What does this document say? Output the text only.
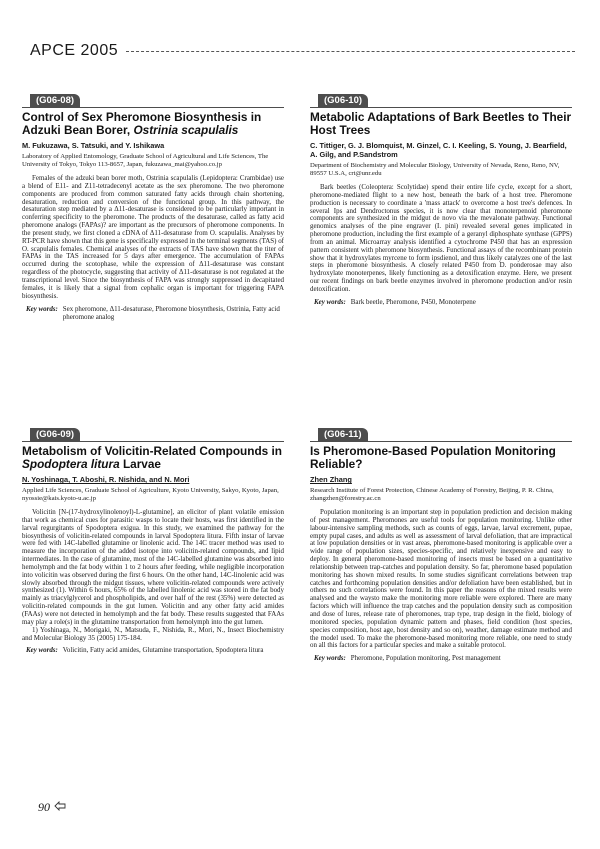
APCE 2005
(G06-08)
Control of Sex Pheromone Biosynthesis in Adzuki Bean Borer, Ostrinia scapulalis
M. Fukuzawa, S. Tatsuki, and Y. Ishikawa
Laboratory of Applied Entomology, Graduate School of Agricultural and Life Sciences, The University of Tokyo, Tokyo 113-8657, Japan, fukuzawa_mai@yahoo.co.jp

Females of the adzuki bean borer moth, Ostrinia scapulalis (Lepidoptera: Crambidae) use a blend of E11- and Z11-tetradecenyl acetate as the sex pheromone. The two pheromone components are produced from common saturated fatty acids through chain shortening, desaturation, reduction and conversion of the functional group. In this pathway, the desaturation step mediated by a Δ11-desaturase is considered to be particularly important in conferring specificity to the pheromone. The products of the desaturase, called as fatty acid pheromone analogs (FAPAs)? are important as the precursors of pheromone components. In the present study, we first cloned a cDNA of Δ11-desaturase from O. scapulalis. Analyses by RT-PCR have shown that this gene is specifically expressed in the terminal segments (TAS) of O. scapulalis females. Chemical analyses of the extracts of TAS have shown that the titer of FAPAs in the TAS increased for 5 days after emergence. The accumulation of FAPAs occurred during the scotophase, while the expression of Δ11-desaturase was constant regardless of the photocycle, suggesting that activity of Δ11-desaturase is not regulated at the transcriptional level. Since the biosynthesis of FAPA was strongly suppressed in decapitated females, it is likely that a signal from cephalic organ is important for triggering FAPA biosynthesis.

Key words: Sex pheromone, Δ11-desaturase, Pheromone biosynthesis, Ostrinia, Fatty acid pheromone analog
(G06-09)
Metabolism of Volicitin-Related Compounds in Spodoptera litura Larvae
N. Yoshinaga, T. Aboshi, R. Nishida, and N. Mori
Applied Life Sciences, Graduate School of Agriculture, Kyoto University, Sakyo, Kyoto, Japan, nyossie@kais.kyoto-u.ac.jp

Volicitin [N-(17-hydroxylinolenoyl)-L-glutamine], an elicitor of plant volatile emission that work as chemical cues for parasitic wasps to locate their hosts, was first identified in the larval regurgitants of Spodoptera exigua. In this study, we examined the pathway for the biosynthesis of volicitin-related compounds in larval Spodoptera litura. Fifth instar of larvae were fed with 14C-labelled glutamine or linolenic acid. The 14C tracer method was used to measure the incorporation of the added isotope into volicitin-related compounds, and lipid intermediates. In the case of glutamine, most of the 14C-labelled glutamine was absorbed into hemolymph and the fat body within 1 to 2 hours after feeding, while negligible incorporation into volicitin was observed during the first 6 hours. On the other hand, 14C-linolenic acid was slowly absorbed through the midgut tissues, where volicitin-related compounds were actively synthesized (1). Within 6 hours, 65% of the labelled linolenic acid was stored in the fat body mainly as triacylglycerol and phospholipids, and over half of the rest (35%) were detected as volicitin-related compounds in the gut lumen. Volicitin and any other fatty acid amides (FAAs) were not detected in hemolymph and the fat body. These results suggested that FAAs may play a role(s) in the glutamine transportation from hemolymph into the gut lumen.

1) Yoshinaga, N., Morigaki, N., Matsuda, F., Nishida, R., Mori, N., Insect Biochemistry and Molecular Biology 35 (2005) 175-184.

Key words: Volicitin, Fatty acid amides, Glutamine transportation, Spodoptera litura
(G06-10)
Metabolic Adaptations of Bark Beetles to Their Host Trees
C. Tittiger, G. J. Blomquist, M. Ginzel, C. I. Keeling, S. Young, J. Bearfield, A. Gilg, and P.Sandstrom
Department of Biochemistry and Molecular Biology, University of Nevada, Reno, Reno, NV, 89557 U.S.A, crt@unr.edu

Bark beetles (Coleoptera: Scolytidae) spend their entire life cycle, except for a short, pheromone-mediated flight to a new host, beneath the bark of a host tree. Pheromone production is necessary to coordinate a 'mass attack' to overcome a host tree's defences. In several Ips and Dendroctonus species, it is now clear that monoterpenoid pheromone components are synthesized in the midgut de novo via the mevalonate pathway. Functional genomics analyses of the pine engraver (I. pini) revealed several genes implicated in pheromone production, including the first example of a geranyl diphosphate synthase (GPPS) from an animal. Microarray analysis identified a cytochrome P450 that has an expression pattern consistent with pheromone biosynthesis. Functional assays of the recombinant protein show that it hydroxylates myrcene to form ipsdienol, and thus likely catalyzes one of the last steps in pheromone biosynthesis. A closely related P450 from D. ponderosae may also hydroxylate monoterpenes, likely functioning as a detoxification enzyme. Here, we present our recent findings on bark beetle enzymes involved in pheromone production and/or resin detoxification.

Key words: Bark beetle, Pheromone, P450, Monoterpene
(G06-11)
Is Pheromone-Based Population Monitoring Reliable?
Zhen Zhang
Research Institute of Forest Protection, Chinese Academy of Forestry, Beijing, P. R. China, zhangzhen@forestry.ac.cn

Population monitoring is an important step in population prediction and decision making of pest management. Pheromones are useful tools for population monitoring. Unlike other labour-intensive sampling methods, such as counts of eggs, larvae, larval excrement, pupae, empty pupal cases, and adults as well as assessment of larval defoliation, that are impractical at low population densities or in vast areas, pheromone-based monitoring is applicable over a wide range of population sizes, species-specific, and relatively inexpensive and easy to deploy. In general pheromone-based monitoring of insects must be based on a quantitative relationship between trap-catches and population density. So far, pheromone based population monitoring has shown mixed results. In some studies significant correlations between trap catches and forthcoming population densities and/or defoliation have been established, but in others no such correlations were found. In this paper the reasons of the mixed results were analysed and the waysto make the monitoring more reliable were explored. There are many factors which will influence the trap catches and the population density such as composition and dose of lures, release rate of pheromones, trap type, trap design in the field, biology of monitored species, population dynamic pattern and phases, field condition (host species, species composition, host age, host density and so on), weather, damage estimate method and the model used. To make the pheromone-based monitoring more reliable, one need to study on all this factors for a particular species and make a suitable protocol.

Key words: Pheromone, Population monitoring, Pest management
90
